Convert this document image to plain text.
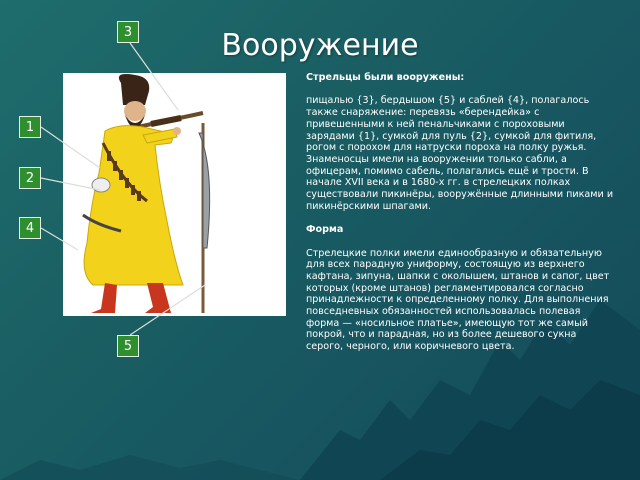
Вооружение
3
1
2
4
5

Стрельцы были вооружены:

пищалью {3}, бердышом {5} и саблей {4}, полагалось также снаряжение: перевязь «берендейка» с привешенными к ней пенальчиками с пороховыми зарядами {1}, сумкой для пуль {2}, сумкой для фитиля, рогом с порохом для натруски пороха на полку ружья.

Знаменосцы имели на вооружении только сабли, а офицерам, помимо сабель, полагались ещё и трости. В начале XVII века и в 1680-х гг. в стрелецких полках существовали пикинёры, вооружённые длинными пиками и пикинёрскими шпагами.

Форма

Стрелецкие полки имели единообразную и обязательную для всех парадную униформу, состоящую из верхнего кафтана, зипуна, шапки с околышем, штанов и сапог, цвет которых (кроме штанов) регламентировался согласно принадлежности к определенному полку. Для выполнения повседневных обязанностей использовалась полевая форма — «носильное платье», имеющую тот же самый покрой, что и парадная, но из более дешевого сукна серого, черного, или коричневого цвета.
